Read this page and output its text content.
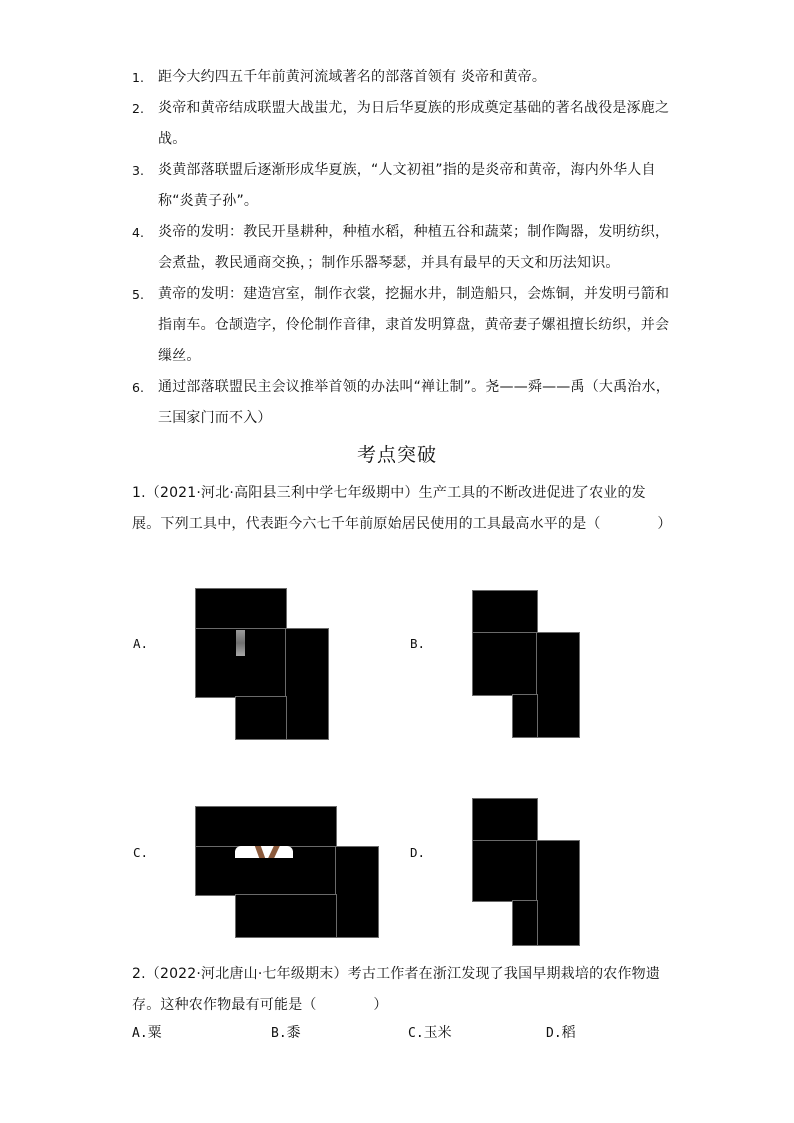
1.	距今大约四五千年前黄河流域著名的部落首领有 炎帝和黄帝。
2.	炎帝和黄帝结成联盟大战蚩尤，为日后华夏族的形成奠定基础的著名战役是涿鹿之战。
3.	炎黄部落联盟后逐渐形成华夏族，“人文初祖”指的是炎帝和黄帝，海内外华人自称“炎黄子孙”。
4.	炎帝的发明：教民开垦耕种，种植水稻，种植五谷和蔬菜；制作陶器，发明纺织，会煮盐，教民通商交换，；制作乐器琴瑟，并具有最早的天文和历法知识。
5.	黄帝的发明：建造宫室，制作衣裳，挖掘水井，制造船只，会炼铜，并发明弓箭和指南车。仓颉造字，伶伦制作音律，隶首发明算盘，黄帝妻子嫘祖擅长纺织，并会缫丝。
6.	通过部落联盟民主会议推举首领的办法叫“禅让制”。尧——舜——禹（大禹治水，三国家门而不入）
考点突破
1.（2021·河北·高阳县三利中学七年级期中）生产工具的不断改进促进了农业的发展。下列工具中，代表距今六七千年前原始居民使用的工具最高水平的是（　　　　）
A.	B.
C.	D.
2.（2022·河北唐山·七年级期末）考古工作者在浙江发现了我国早期栽培的农作物遗存。这种农作物最有可能是（　　　　）
A.粟	B.黍	C.玉米	D.稻
